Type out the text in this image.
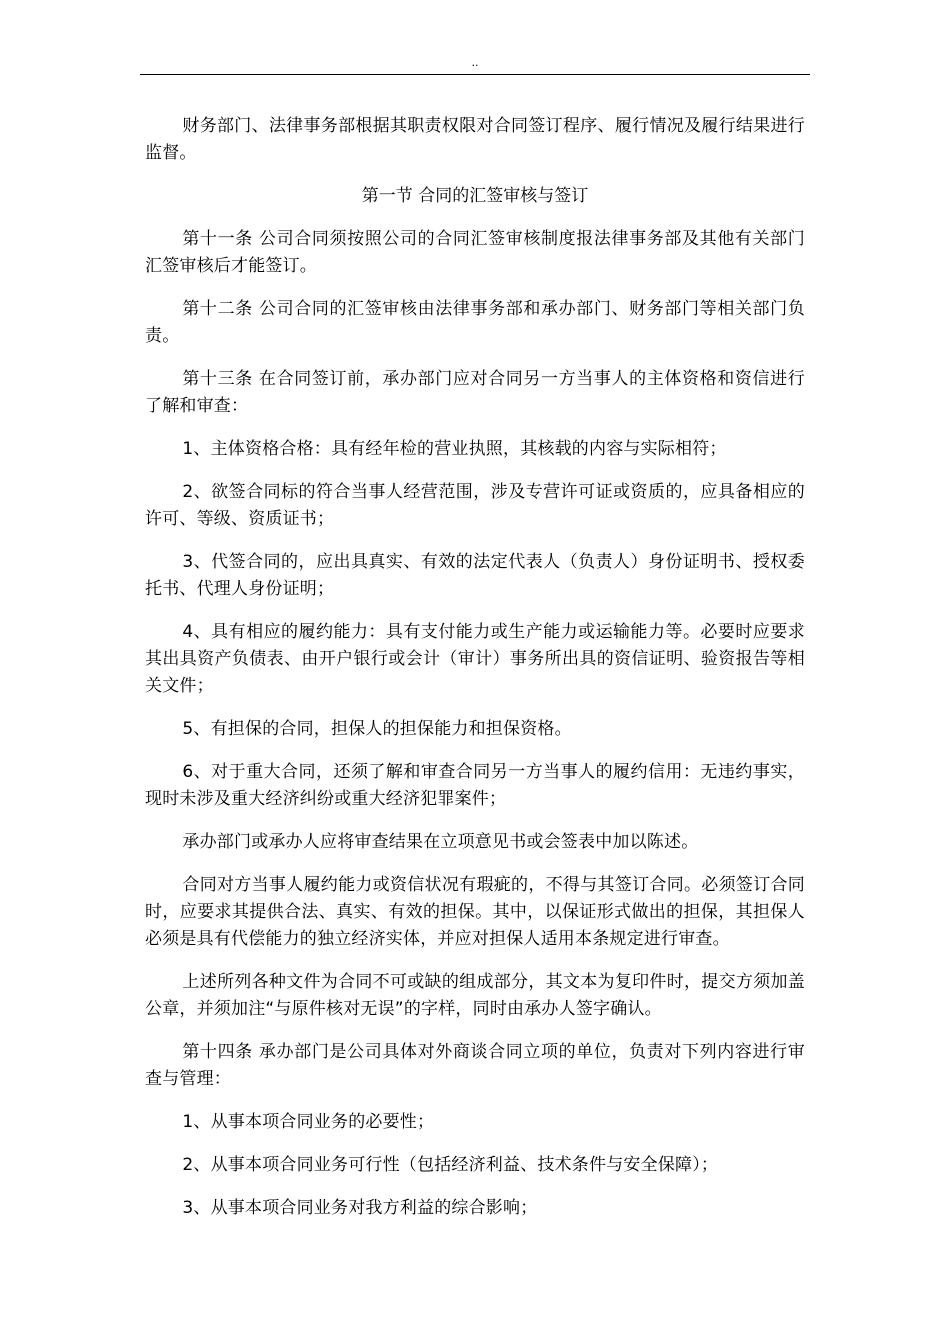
..

财务部门、法律事务部根据其职责权限对合同签订程序、履行情况及履行结果进行监督。

第一节 合同的汇签审核与签订

第十一条 公司合同须按照公司的合同汇签审核制度报法律事务部及其他有关部门汇签审核后才能签订。

第十二条 公司合同的汇签审核由法律事务部和承办部门、财务部门等相关部门负责。

第十三条 在合同签订前，承办部门应对合同另一方当事人的主体资格和资信进行了解和审查：

1、主体资格合格：具有经年检的营业执照，其核载的内容与实际相符；

2、欲签合同标的符合当事人经营范围，涉及专营许可证或资质的，应具备相应的许可、等级、资质证书；

3、代签合同的，应出具真实、有效的法定代表人（负责人）身份证明书、授权委托书、代理人身份证明；

4、具有相应的履约能力：具有支付能力或生产能力或运输能力等。必要时应要求其出具资产负债表、由开户银行或会计（审计）事务所出具的资信证明、验资报告等相关文件；

5、有担保的合同，担保人的担保能力和担保资格。

6、对于重大合同，还须了解和审查合同另一方当事人的履约信用：无违约事实，现时未涉及重大经济纠纷或重大经济犯罪案件；

承办部门或承办人应将审查结果在立项意见书或会签表中加以陈述。

合同对方当事人履约能力或资信状况有瑕疵的，不得与其签订合同。必须签订合同时，应要求其提供合法、真实、有效的担保。其中，以保证形式做出的担保，其担保人必须是具有代偿能力的独立经济实体，并应对担保人适用本条规定进行审查。

上述所列各种文件为合同不可或缺的组成部分，其文本为复印件时，提交方须加盖公章，并须加注“与原件核对无误”的字样，同时由承办人签字确认。

第十四条 承办部门是公司具体对外商谈合同立项的单位，负责对下列内容进行审查与管理：

1、从事本项合同业务的必要性；

2、从事本项合同业务可行性（包括经济利益、技术条件与安全保障）；

3、从事本项合同业务对我方利益的综合影响；
